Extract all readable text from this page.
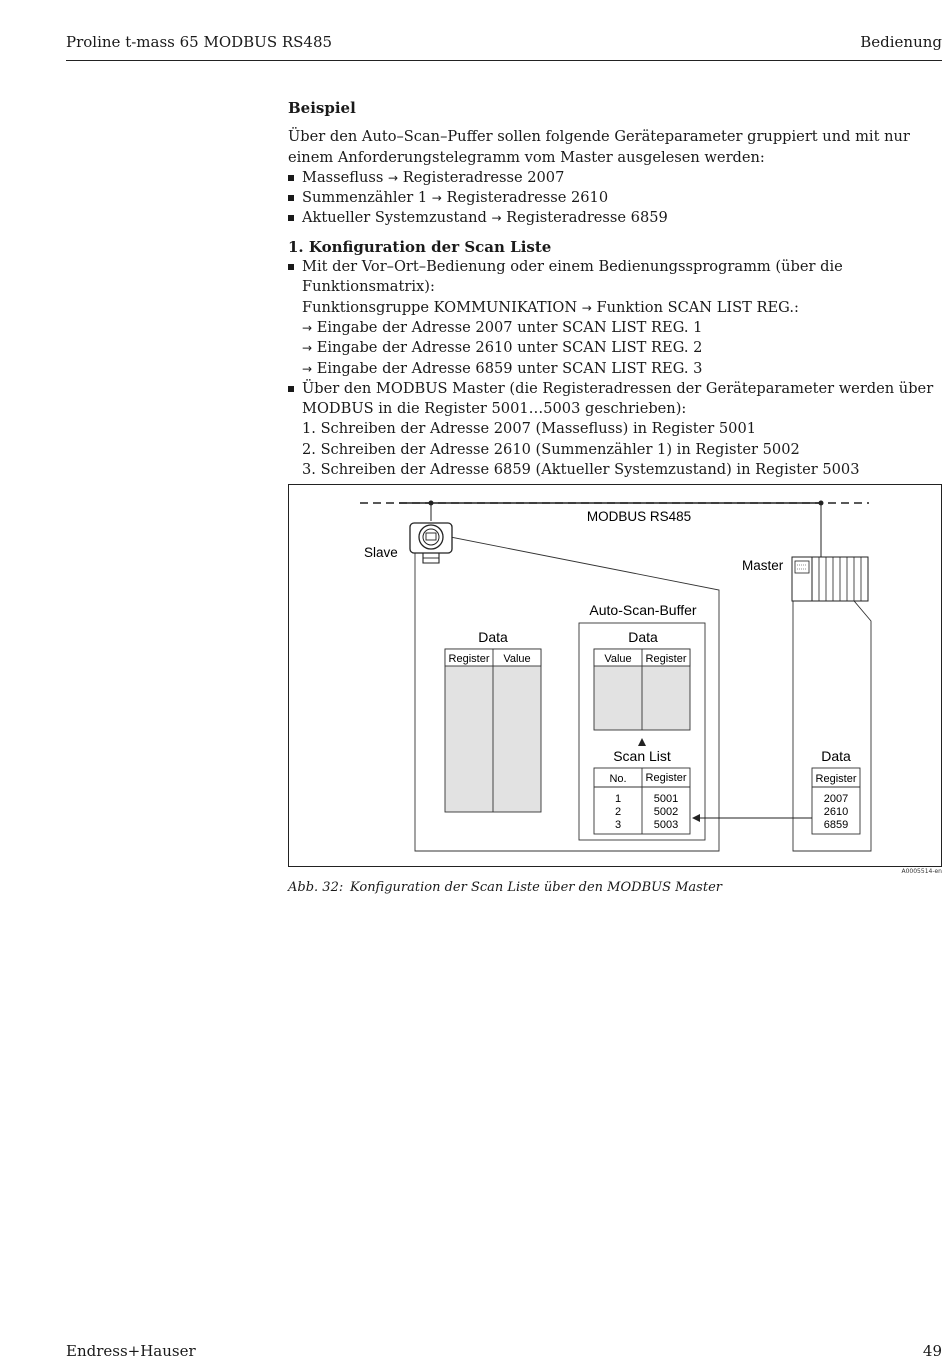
Proline t-mass 65 MODBUS RS485	Bedienung

Beispiel

Über den Auto–Scan–Puffer sollen folgende Geräteparameter gruppiert und mit nur einem Anforderungstelegramm vom Master ausgelesen werden:

Massefluss → Registeradresse 2007
Summenzähler 1 → Registeradresse 2610
Aktueller Systemzustand → Registeradresse 6859

1. Konfiguration der Scan Liste

Mit der Vor–Ort–Bedienung oder einem Bedienungssprogramm (über die Funktionsmatrix):
Funktionsgruppe KOMMUNIKATION → Funktion SCAN LIST REG.:
→ Eingabe der Adresse 2007 unter SCAN LIST REG. 1
→ Eingabe der Adresse 2610 unter SCAN LIST REG. 2
→ Eingabe der Adresse 6859 unter SCAN LIST REG. 3
Über den MODBUS Master (die Registeradressen der Geräteparameter werden über MODBUS in die Register 5001…5003 geschrieben):
1. Schreiben der Adresse 2007 (Massefluss) in Register 5001
2. Schreiben der Adresse 2610 (Summenzähler 1) in Register 5002
3. Schreiben der Adresse 6859 (Aktueller Systemzustand) in Register 5003
MODBUS RS485
Slave
Master
Data
Register Value
Auto-Scan-Buffer
Data
Value Register
Scan List
No. Register
1
2
3
5001
5002
5003
Data
Register
2007
2610
6859
A0005514-en
Abb. 32: Konfiguration der Scan Liste über den MODBUS Master
Endress+Hauser	49
